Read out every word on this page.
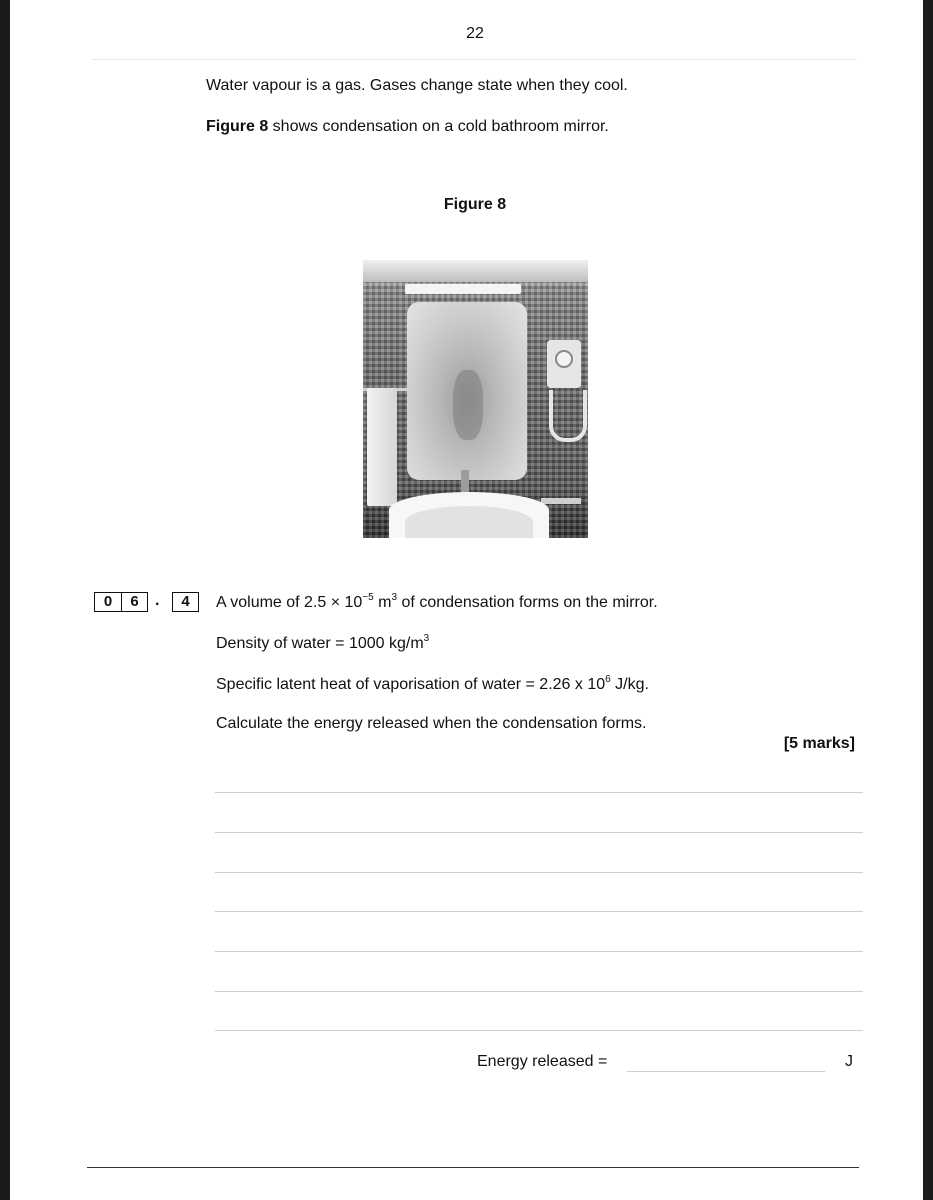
22
Water vapour is a gas. Gases change state when they cool.
Figure 8 shows condensation on a cold bathroom mirror.
Figure 8
0	6	.	4	A volume of $2.5 \times 10^{-5}$ $m^3$ of condensation forms on the mirror.
Density of water = 1000 $kg/m^3$
Specific latent heat of vaporisation of water = 2.26 x $10^6$ J/kg.
Calculate the energy released when the condensation forms.
[5 marks]
Energy released =	J
